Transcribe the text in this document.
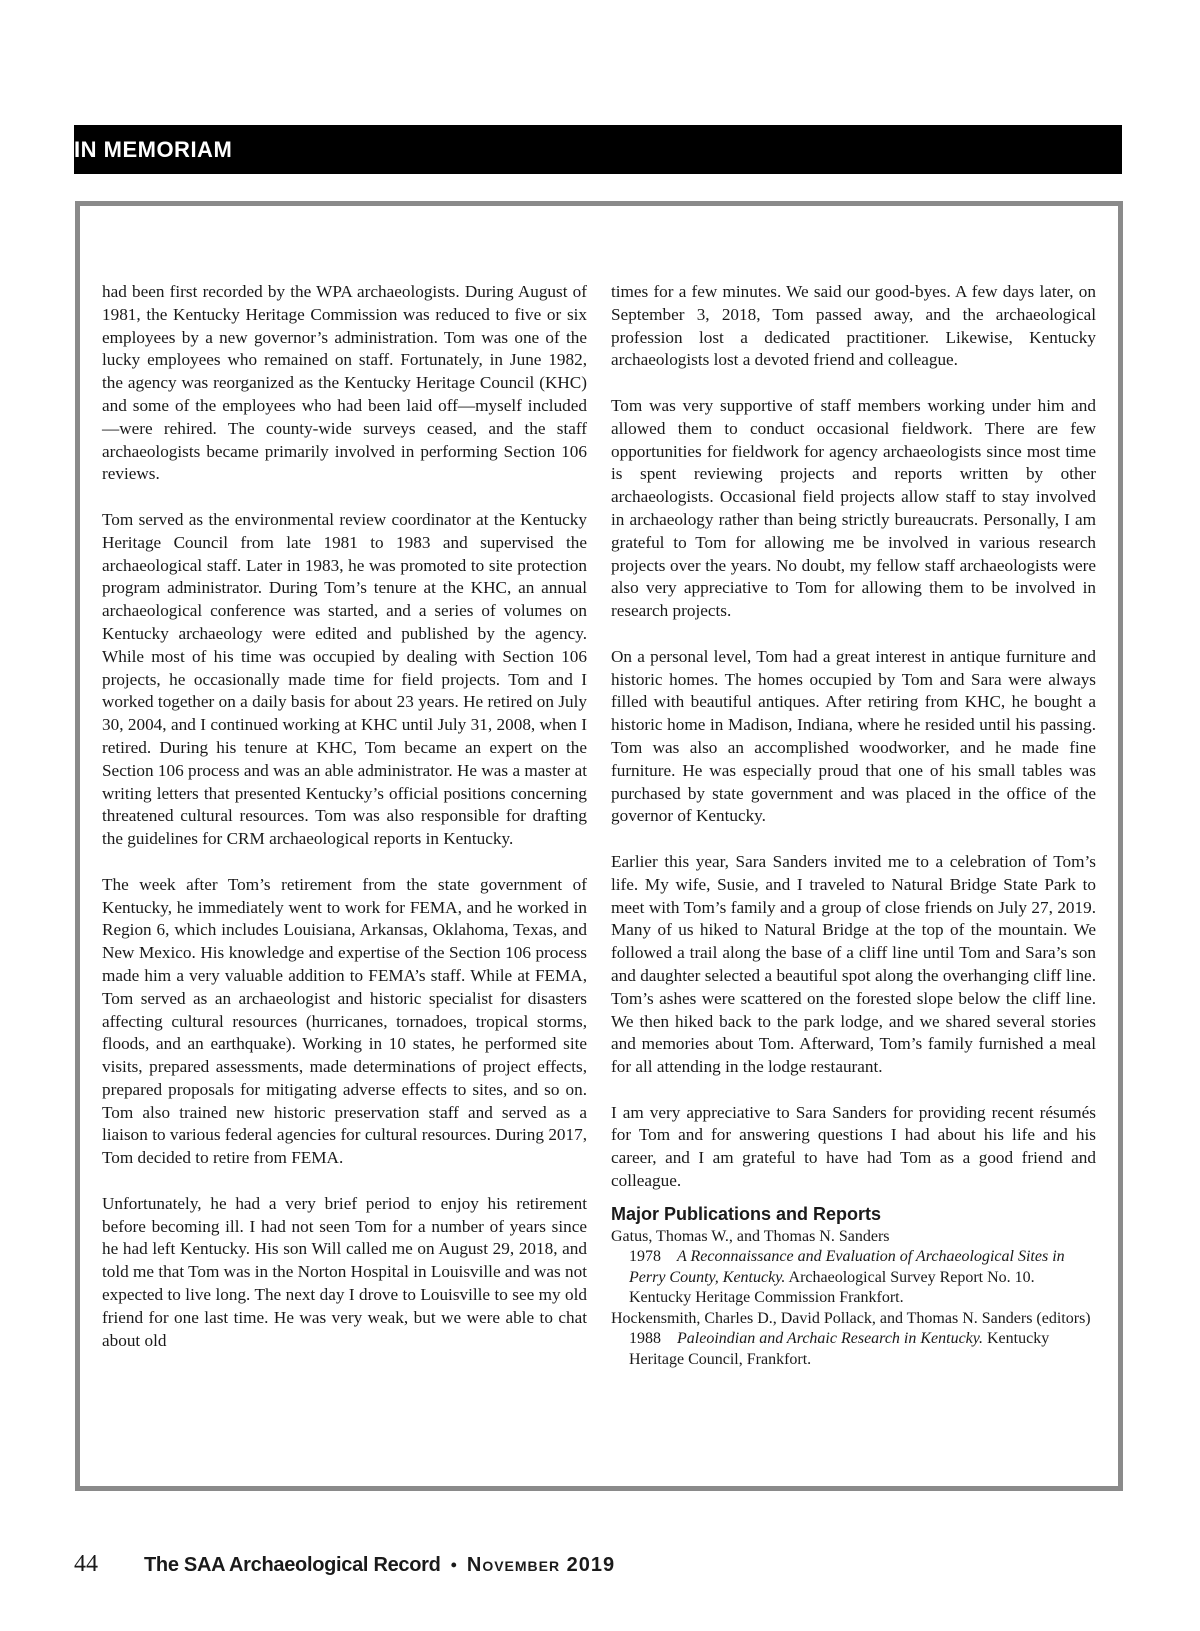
IN MEMORIAM

had been first recorded by the WPA archaeologists. During August of 1981, the Kentucky Heritage Commission was reduced to five or six employees by a new governor’s administration. Tom was one of the lucky employees who remained on staff. Fortunately, in June 1982, the agency was reorganized as the Kentucky Heritage Council (KHC) and some of the employees who had been laid off—myself included—were rehired. The county-wide surveys ceased, and the staff archaeologists became primarily involved in performing Section 106 reviews.

Tom served as the environmental review coordinator at the Kentucky Heritage Council from late 1981 to 1983 and supervised the archaeological staff. Later in 1983, he was promoted to site protection program administrator. During Tom’s tenure at the KHC, an annual archaeological conference was started, and a series of volumes on Kentucky archaeology were edited and published by the agency. While most of his time was occupied by dealing with Section 106 projects, he occasionally made time for field projects. Tom and I worked together on a daily basis for about 23 years. He retired on July 30, 2004, and I continued working at KHC until July 31, 2008, when I retired. During his tenure at KHC, Tom became an expert on the Section 106 process and was an able administrator. He was a master at writing letters that presented Kentucky’s official positions concerning threatened cultural resources. Tom was also responsible for drafting the guidelines for CRM archaeological reports in Kentucky.

The week after Tom’s retirement from the state government of Kentucky, he immediately went to work for FEMA, and he worked in Region 6, which includes Louisiana, Arkansas, Oklahoma, Texas, and New Mexico. His knowledge and expertise of the Section 106 process made him a very valuable addition to FEMA’s staff. While at FEMA, Tom served as an archaeologist and historic specialist for disasters affecting cultural resources (hurricanes, tornadoes, tropical storms, floods, and an earthquake). Working in 10 states, he performed site visits, prepared assessments, made determinations of project effects, prepared proposals for mitigating adverse effects to sites, and so on. Tom also trained new historic preservation staff and served as a liaison to various federal agencies for cultural resources. During 2017, Tom decided to retire from FEMA.

Unfortunately, he had a very brief period to enjoy his retirement before becoming ill. I had not seen Tom for a number of years since he had left Kentucky. His son Will called me on August 29, 2018, and told me that Tom was in the Norton Hospital in Louisville and was not expected to live long. The next day I drove to Louisville to see my old friend for one last time. He was very weak, but we were able to chat about old

times for a few minutes. We said our good-byes. A few days later, on September 3, 2018, Tom passed away, and the archaeological profession lost a dedicated practitioner. Likewise, Kentucky archaeologists lost a devoted friend and colleague.

Tom was very supportive of staff members working under him and allowed them to conduct occasional fieldwork. There are few opportunities for fieldwork for agency archaeologists since most time is spent reviewing projects and reports written by other archaeologists. Occasional field projects allow staff to stay involved in archaeology rather than being strictly bureaucrats. Personally, I am grateful to Tom for allowing me be involved in various research projects over the years. No doubt, my fellow staff archaeologists were also very appreciative to Tom for allowing them to be involved in research projects.

On a personal level, Tom had a great interest in antique furniture and historic homes. The homes occupied by Tom and Sara were always filled with beautiful antiques. After retiring from KHC, he bought a historic home in Madison, Indiana, where he resided until his passing. Tom was also an accomplished woodworker, and he made fine furniture. He was especially proud that one of his small tables was purchased by state government and was placed in the office of the governor of Kentucky.

Earlier this year, Sara Sanders invited me to a celebration of Tom’s life. My wife, Susie, and I traveled to Natural Bridge State Park to meet with Tom’s family and a group of close friends on July 27, 2019. Many of us hiked to Natural Bridge at the top of the mountain. We followed a trail along the base of a cliff line until Tom and Sara’s son and daughter selected a beautiful spot along the overhanging cliff line. Tom’s ashes were scattered on the forested slope below the cliff line. We then hiked back to the park lodge, and we shared several stories and memories about Tom. Afterward, Tom’s family furnished a meal for all attending in the lodge restaurant.

I am very appreciative to Sara Sanders for providing recent résumés for Tom and for answering questions I had about his life and his career, and I am grateful to have had Tom as a good friend and colleague.

Major Publications and Reports
Gatus, Thomas W., and Thomas N. Sanders
1978 A Reconnaissance and Evaluation of Archaeological Sites in Perry County, Kentucky. Archaeological Survey Report No. 10. Kentucky Heritage Commission Frankfort.
Hockensmith, Charles D., David Pollack, and Thomas N. Sanders (editors)
1988 Paleoindian and Archaic Research in Kentucky. Kentucky Heritage Council, Frankfort.
44	The SAA Archaeological Record • November 2019
